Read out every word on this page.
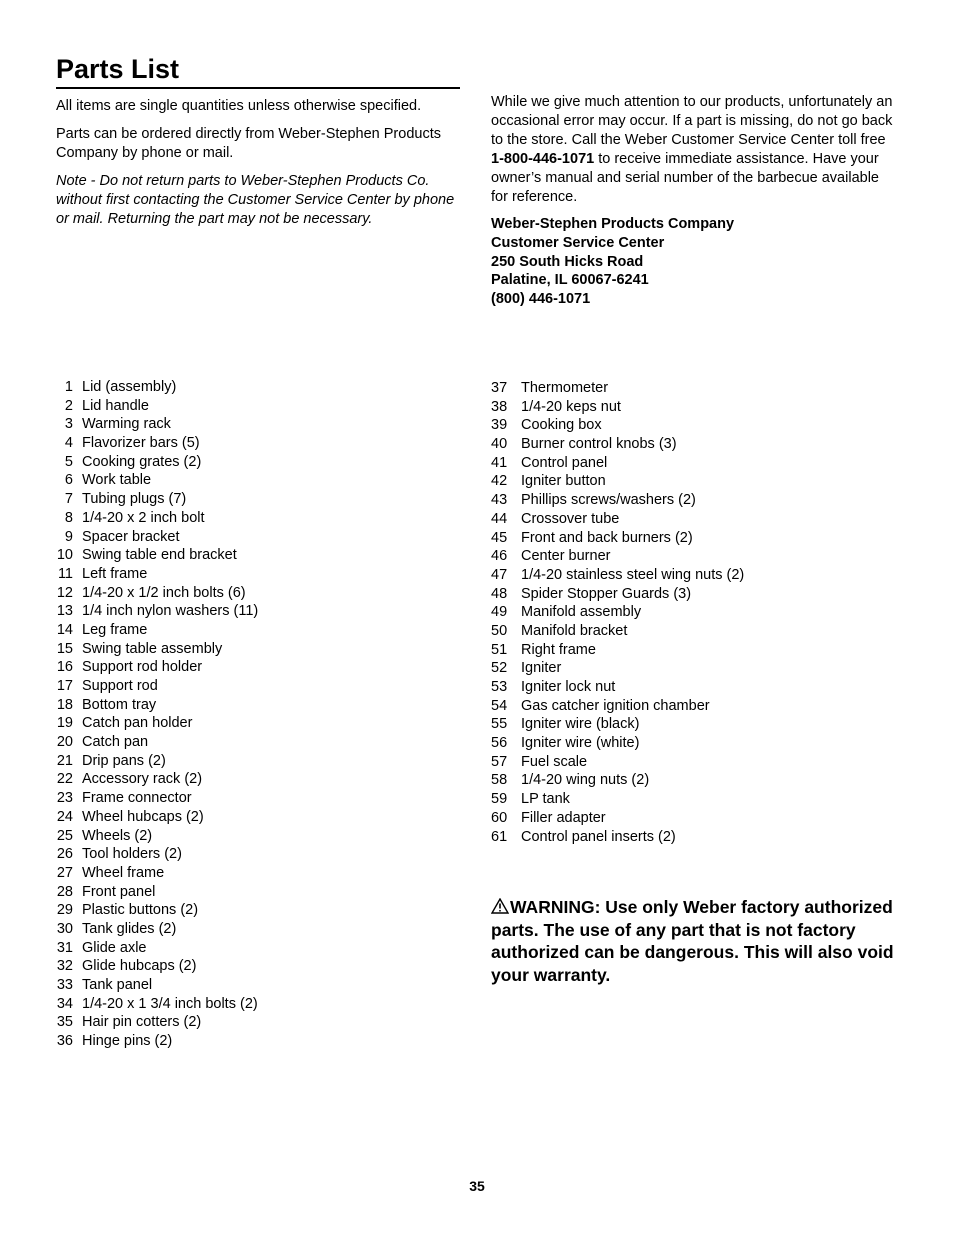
Parts List

All items are single quantities unless otherwise specified.

Parts can be ordered directly from Weber-Stephen Products Company by phone or mail.

Note - Do not return parts to Weber-Stephen Products Co. without first contacting the Customer Service Center by phone or mail. Returning the part may not be necessary.

While we give much attention to our products, unfortunately an occasional error may occur. If a part is missing, do not go back to the store. Call the Weber Customer Service Center toll free 1-800-446-1071 to receive immediate assistance. Have your owner’s manual and serial number of the barbecue available for reference.

Weber-Stephen Products Company
Customer Service Center
250 South Hicks Road
Palatine, IL 60067-6241
(800) 446-1071
1 Lid (assembly)
2 Lid handle
3 Warming rack
4 Flavorizer bars (5)
5 Cooking grates (2)
6 Work table
7 Tubing plugs (7)
8 1/4-20 x 2 inch bolt
9 Spacer bracket
10 Swing table end bracket
11 Left frame
12 1/4-20 x 1/2 inch bolts (6)
13 1/4 inch nylon washers (11)
14 Leg frame
15 Swing table assembly
16 Support rod holder
17 Support rod
18 Bottom tray
19 Catch pan holder
20 Catch pan
21 Drip pans (2)
22 Accessory rack (2)
23 Frame connector
24 Wheel hubcaps (2)
25 Wheels (2)
26 Tool holders (2)
27 Wheel frame
28 Front panel
29 Plastic buttons (2)
30 Tank glides (2)
31 Glide axle
32 Glide hubcaps (2)
33 Tank panel
34 1/4-20 x 1 3/4 inch bolts (2)
35 Hair pin cotters (2)
36 Hinge pins (2)
37 Thermometer
38 1/4-20 keps nut
39 Cooking box
40 Burner control knobs (3)
41 Control panel
42 Igniter button
43 Phillips screws/washers (2)
44 Crossover tube
45 Front and back burners (2)
46 Center burner
47 1/4-20 stainless steel wing nuts (2)
48 Spider Stopper Guards (3)
49 Manifold assembly
50 Manifold bracket
51 Right frame
52 Igniter
53 Igniter lock nut
54 Gas catcher ignition chamber
55 Igniter wire (black)
56 Igniter wire (white)
57 Fuel scale
58 1/4-20 wing nuts (2)
59 LP tank
60 Filler adapter
61 Control panel inserts (2)
WARNING: Use only Weber factory authorized parts. The use of any part that is not factory authorized can be dangerous. This will also void your warranty.
35
